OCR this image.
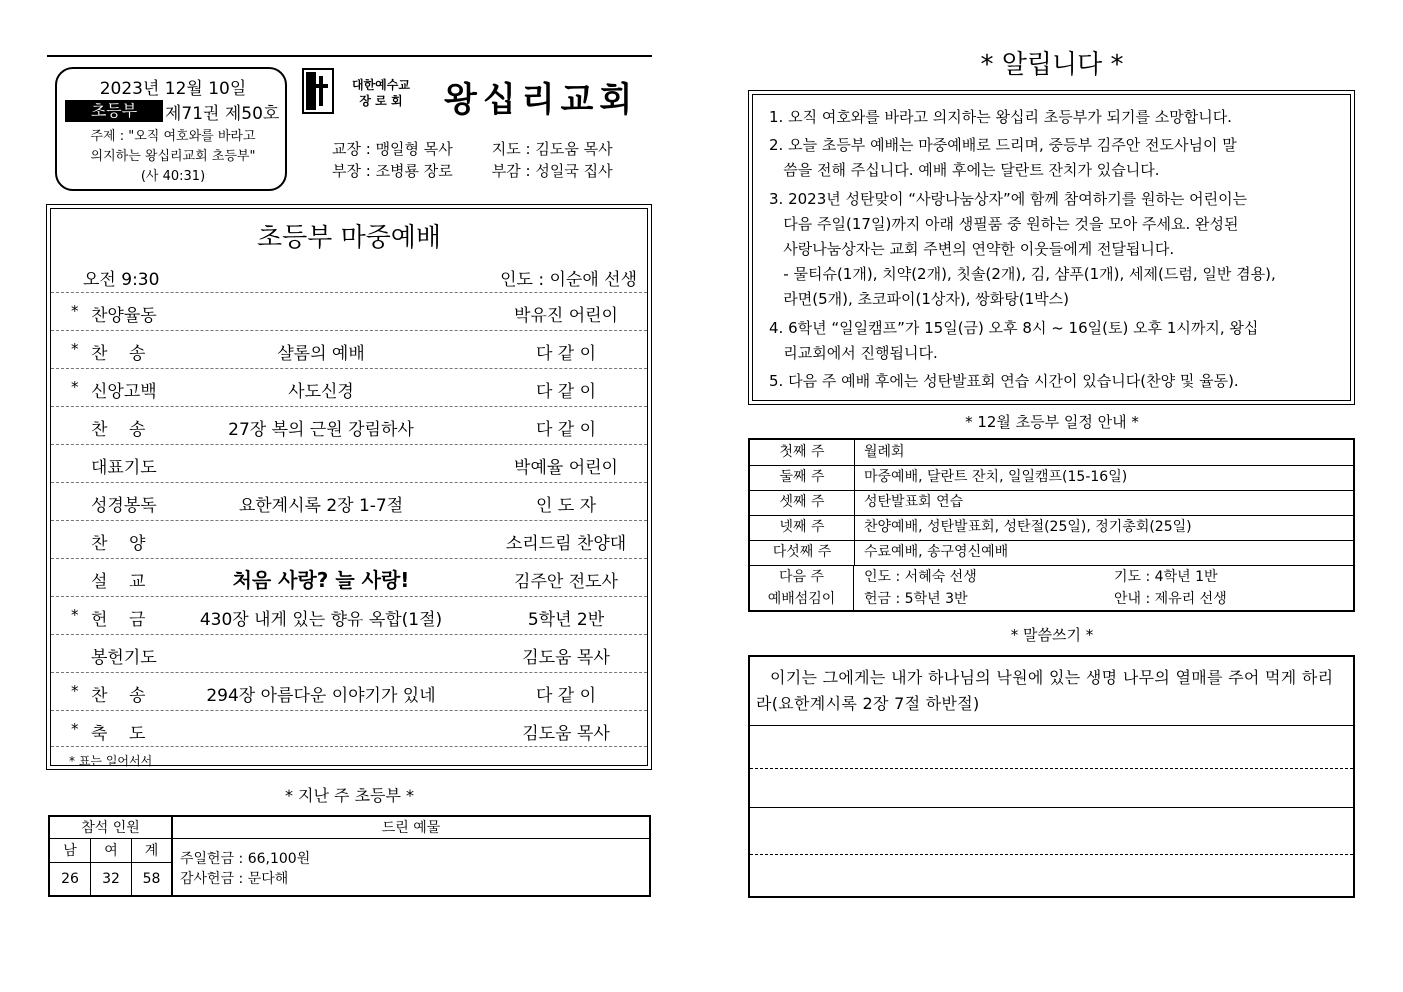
2023년 12월 10일
초등부	제71권 제50호
주제 : "오직 여호와를 바라고
의지하는 왕십리교회 초등부"
(사 40:31)
대한예수교
장 로 회 왕십리교회
교장 : 맹일형 목사	지도 : 김도움 목사
부장 : 조병룡 장로	부감 : 성일국 집사
초등부 마중예배
오전 9:30	인도 : 이순애 선생
* 찬양율동	박유진 어린이
* 찬    송	샬롬의 예배	다 같 이
* 신앙고백	사도신경	다 같 이
찬    송	27장 복의 근원 강림하사	다 같 이
대표기도	박예율 어린이
성경봉독	요한계시록 2장 1-7절	인 도 자
찬    양	소리드림 찬양대
설    교	처음 사랑? 늘 사랑!	김주안 전도사
* 헌    금	430장 내게 있는 향유 옥합(1절)	5학년 2반
봉헌기도	김도움 목사
* 찬    송	294장 아름다운 이야기가 있네	다 같 이
* 축    도	김도움 목사
* 표는 일어서서
* 지난 주 초등부 *
참석 인원	드린 예물
남	여	계
26	32	58
주일헌금 : 66,100원
감사헌금 : 문다해
* 알립니다 *
1. 오직 여호와를 바라고 의지하는 왕십리 초등부가 되기를 소망합니다.
2. 오늘 초등부 예배는 마중예배로 드리며, 중등부 김주안 전도사님이 말
씀을 전해 주십니다. 예배 후에는 달란트 잔치가 있습니다.
3. 2023년 성탄맞이 “사랑나눔상자”에 함께 참여하기를 원하는 어린이는
다음 주일(17일)까지 아래 생필품 중 원하는 것을 모아 주세요. 완성된
사랑나눔상자는 교회 주변의 연약한 이웃들에게 전달됩니다.
- 물티슈(1개), 치약(2개), 칫솔(2개), 김, 샴푸(1개), 세제(드럼, 일반 겸용),
라면(5개), 초코파이(1상자), 쌍화탕(1박스)
4. 6학년 “일일캠프”가 15일(금) 오후 8시 ~ 16일(토) 오후 1시까지, 왕십
리교회에서 진행됩니다.
5. 다음 주 예배 후에는 성탄발표회 연습 시간이 있습니다(찬양 및 율동).
* 12월 초등부 일정 안내 *
첫째 주	월례회
둘째 주	마중예배, 달란트 잔치, 일일캠프(15-16일)
셋째 주	성탄발표회 연습
넷째 주	찬양예배, 성탄발표회, 성탄절(25일), 정기총회(25일)
다섯째 주	수료예배, 송구영신예배
다음 주
예배섬김이
인도 : 서혜숙 선생	기도 : 4학년 1반
헌금 : 5학년 3반	안내 : 제유리 선생
* 말씀쓰기 *
이기는 그에게는 내가 하나님의 낙원에 있는 생명 나무의 열매를 주어 먹게 하리라(요한계시록 2장 7절 하반절)
